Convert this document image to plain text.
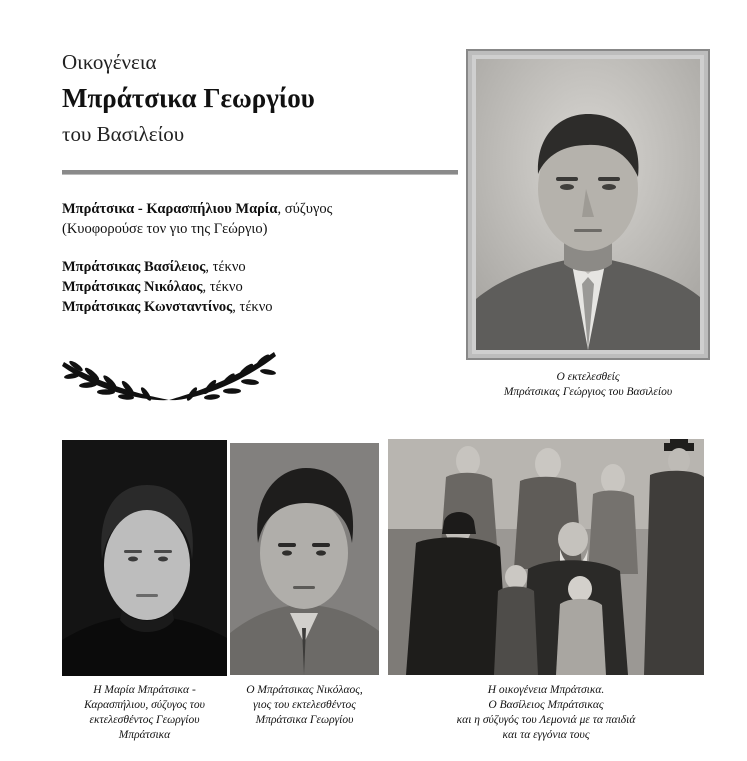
Οικογένεια
Μπράτσικα Γεωργίου
του Βασιλείου
Μπράτσικα - Καρασπήλιου Μαρία, σύζυγος
(Κυοφορούσε τον γιο της Γεώργιο)
Μπράτσικας Βασίλειος, τέκνο
Μπράτσικας Νικόλαος, τέκνο
Μπράτσικας Κωνσταντίνος, τέκνο
Ο εκτελεσθείς
Μπράτσικας Γεώργιος του Βασιλείου
Η Μαρία Μπράτσικα -
Καρασπήλιου, σύζυγος του
εκτελεσθέντος Γεωργίου
Μπράτσικα
Ο Μπράτσικας Νικόλαος,
γιος του εκτελεσθέντος
Μπράτσικα Γεωργίου
Η οικογένεια Μπράτσικα.
Ο Βασίλειος Μπράτσικας
και η σύζυγός του Λεμονιά με τα παιδιά
και τα εγγόνια τους
